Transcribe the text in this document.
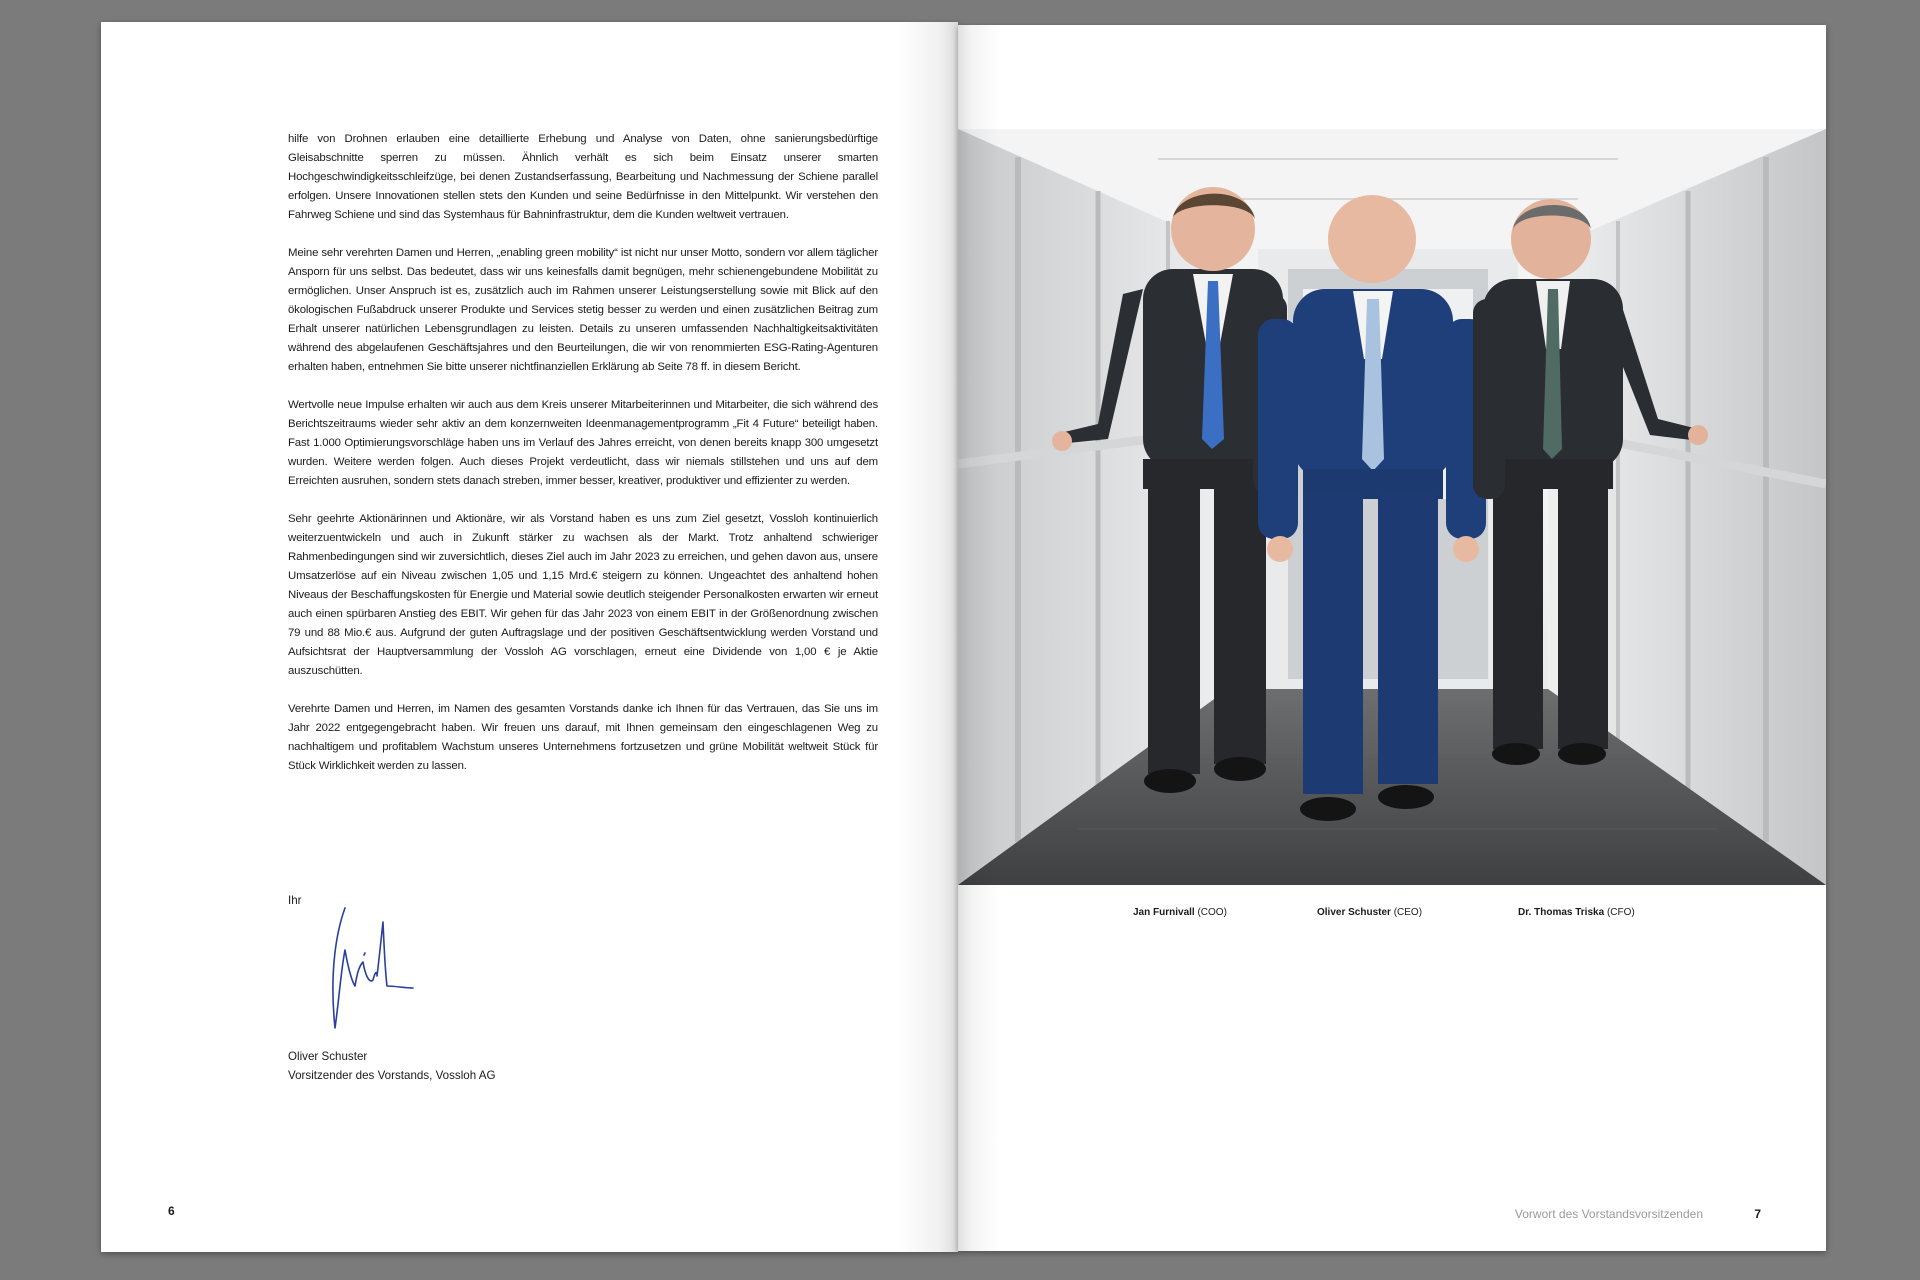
hilfe von Drohnen erlauben eine detaillierte Erhebung und Analyse von Daten, ohne sanierungsbedürftige Gleisabschnitte sperren zu müssen. Ähnlich verhält es sich beim Einsatz unserer smarten Hochgeschwindigkeitsschleifzüge, bei denen Zustandserfassung, Bearbeitung und Nachmessung der Schiene parallel erfolgen. Unsere Innovationen stellen stets den Kunden und seine Bedürfnisse in den Mittelpunkt. Wir verstehen den Fahrweg Schiene und sind das Systemhaus für Bahninfrastruktur, dem die Kunden weltweit vertrauen.

Meine sehr verehrten Damen und Herren, „enabling green mobility“ ist nicht nur unser Motto, sondern vor allem täglicher Ansporn für uns selbst. Das bedeutet, dass wir uns keinesfalls damit begnügen, mehr schienengebundene Mobilität zu ermöglichen. Unser Anspruch ist es, zusätzlich auch im Rahmen unserer Leistungserstellung sowie mit Blick auf den ökologischen Fußabdruck unserer Produkte und Services stetig besser zu werden und einen zusätzlichen Beitrag zum Erhalt unserer natürlichen Lebensgrundlagen zu leisten. Details zu unseren umfassenden Nachhaltigkeitsaktivitäten während des abgelaufenen Geschäftsjahres und den Beurteilungen, die wir von renommierten ESG-Rating-Agenturen erhalten haben, entnehmen Sie bitte unserer nichtfinanziellen Erklärung ab Seite 78 ff. in diesem Bericht.

Wertvolle neue Impulse erhalten wir auch aus dem Kreis unserer Mitarbeiterinnen und Mitarbeiter, die sich während des Berichtszeitraums wieder sehr aktiv an dem konzernweiten Ideenmanagementprogramm „Fit 4 Future“ beteiligt haben. Fast 1.000 Optimierungsvorschläge haben uns im Verlauf des Jahres erreicht, von denen bereits knapp 300 umgesetzt wurden. Weitere werden folgen. Auch dieses Projekt verdeutlicht, dass wir niemals stillstehen und uns auf dem Erreichten ausruhen, sondern stets danach streben, immer besser, kreativer, produktiver und effizienter zu werden.

Sehr geehrte Aktionärinnen und Aktionäre, wir als Vorstand haben es uns zum Ziel gesetzt, Vossloh kontinuierlich weiterzuentwickeln und auch in Zukunft stärker zu wachsen als der Markt. Trotz anhaltend schwieriger Rahmenbedingungen sind wir zuversichtlich, dieses Ziel auch im Jahr 2023 zu erreichen, und gehen davon aus, unsere Umsatzerlöse auf ein Niveau zwischen 1,05 und 1,15 Mrd.€ steigern zu können. Ungeachtet des anhaltend hohen Niveaus der Beschaffungskosten für Energie und Material sowie deutlich steigender Personalkosten erwarten wir erneut auch einen spürbaren Anstieg des EBIT. Wir gehen für das Jahr 2023 von einem EBIT in der Größenordnung zwischen 79 und 88 Mio.€ aus. Aufgrund der guten Auftragslage und der positiven Geschäftsentwicklung werden Vorstand und Aufsichtsrat der Hauptversammlung der Vossloh AG vorschlagen, erneut eine Dividende von 1,00 € je Aktie auszuschütten.

Verehrte Damen und Herren, im Namen des gesamten Vorstands danke ich Ihnen für das Vertrauen, das Sie uns im Jahr 2022 entgegengebracht haben. Wir freuen uns darauf, mit Ihnen gemeinsam den eingeschlagenen Weg zu nachhaltigem und profitablem Wachstum unseres Unternehmens fortzusetzen und grüne Mobilität weltweit Stück für Stück Wirklichkeit werden zu lassen.

Ihr
Oliver Schuster
Vorsitzender des Vorstands, Vossloh AG
6
Jan Furnivall (COO)	Oliver Schuster (CEO)	Dr. Thomas Triska (CFO)
Vorwort des Vorstandsvorsitzenden	7
